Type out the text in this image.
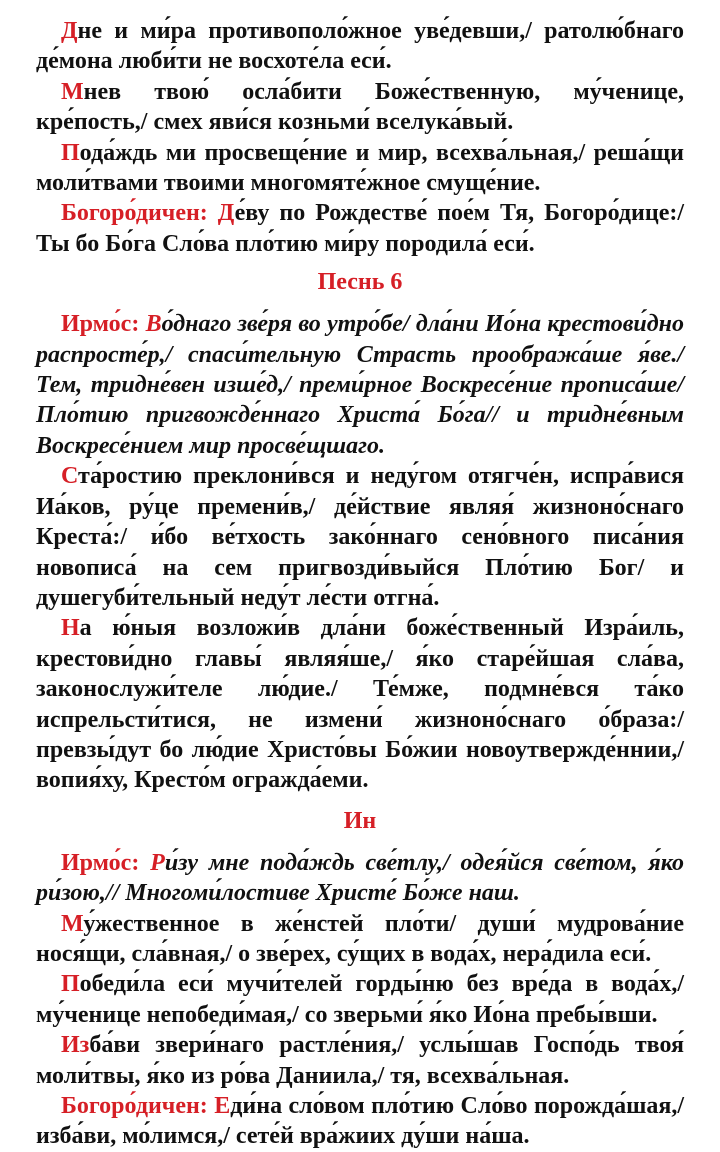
Дне и ми́ра противополо́жное уве́девши,/ ратолю́бнаго де́мона люби́ти не восхоте́ла еси́.

Мнев твою́ осла́бити Боже́ственную, му́ченице, кре́пость,/ смех яви́ся козньми́ вселука́вый.

Пода́ждь ми просвеще́ние и мир, всехва́льная,/ реша́щи моли́твами твоими многомяте́жное смуще́ние.

Богоро́дичен: Де́ву по Рождестве́ пое́м Тя, Богоро́дице:/ Ты бо Бо́га Сло́ва пло́тию ми́ру породила́ еси́.

Песнь 6

Ирмо́с: Во́днаго зве́ря во утро́бе/ дла́ни Ио́на крестови́дно распросте́р,/ спаси́тельную Страсть прообража́ше я́ве./ Тем, тридне́вен изше́д,/ преми́рное Воскресе́ние прописа́ше/ Пло́тию пригвожде́ннаго Христа́ Бо́га// и тридне́вным Воскресе́нием мир просве́щшаго.

Ста́ростию преклони́вся и неду́гом отягче́н, испра́вися Иа́ков, ру́це премени́в,/ де́йствие являя́ жизноно́снаго Креста́:/ и́бо ве́тхость зако́ннаго сено́вного писа́ния новописа́ на сем пригвозди́выйся Пло́тию Бог/ и душегуби́тельный неду́т ле́сти отгна́.

На ю́ныя возложи́в дла́ни боже́ственный Изра́иль, крестови́дно главы́ являя́ше,/ я́ко старе́йшая сла́ва, законослужи́теле лю́дие./ Те́мже, подмне́вся та́ко испрельсти́тися, не измени́ жизноно́снаго о́браза:/ превзы́дут бо лю́дие Христо́вы Бо́жии новоутвержде́ннии,/ вопия́ху, Кресто́м огражда́еми.

Ин

Ирмо́с: Ри́зу мне пода́ждь све́тлу,/ одея́йся све́том, я́ко ри́зою,// Многоми́лостиве Христе́ Бо́же наш.

Му́жественное в же́нстей пло́ти/ души́ мудрова́ние нося́щи, сла́вная,/ о зве́рех, су́щих в вода́х, нера́дила еси́.

Победи́ла еси́ мучи́телей горды́ню без вре́да в вода́х,/ му́ченице непобеди́мая,/ со зверьми́ я́ко Ио́на пребы́вши.

Изба́ви звери́наго растле́ния,/ услы́шав Госпо́дь твоя́ моли́твы, я́ко из ро́ва Даниила,/ тя, всехва́льная.

Богоро́дичен: Еди́на сло́вом пло́тию Сло́во порожда́шая,/ изба́ви, мо́лимся,/ сете́й вра́жиих ду́ши на́ша.
